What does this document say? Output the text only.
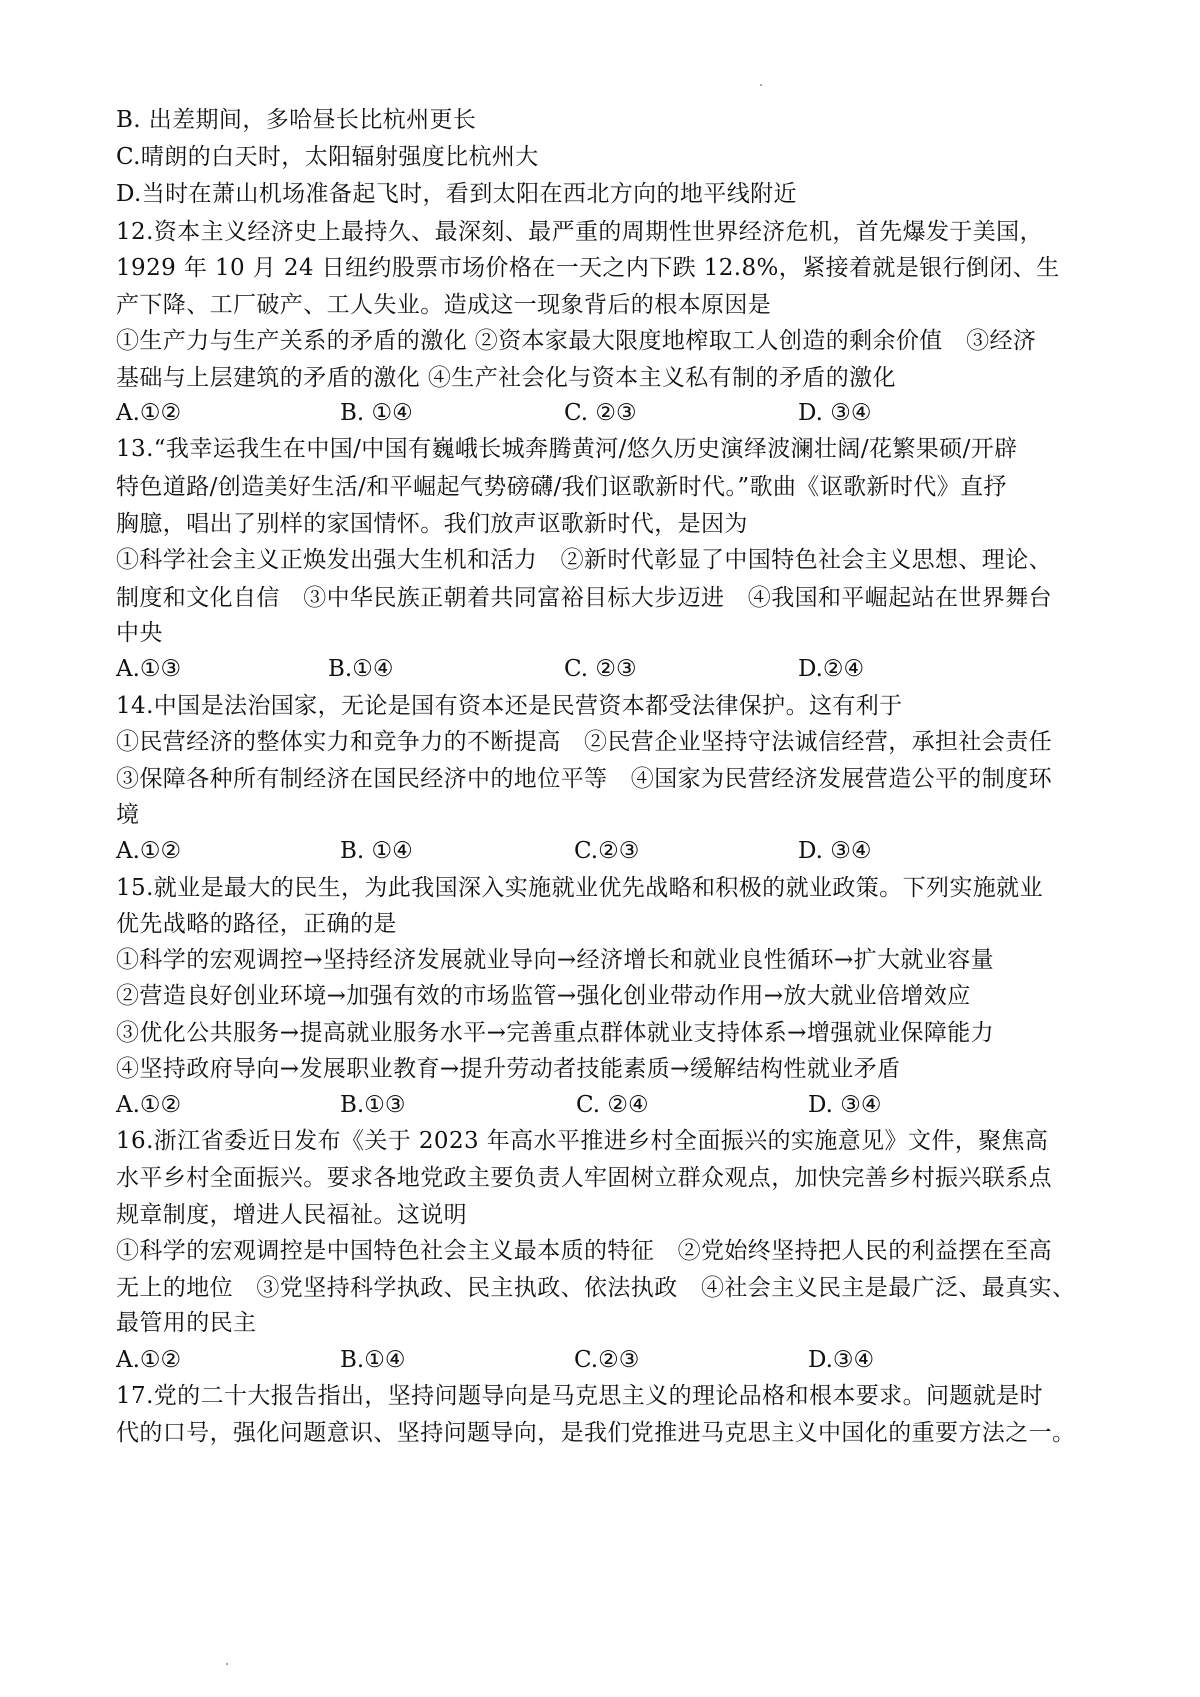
B. 出差期间，多哈昼长比杭州更长
C.晴朗的白天时，太阳辐射强度比杭州大
D.当时在萧山机场准备起飞时，看到太阳在西北方向的地平线附近
12.资本主义经济史上最持久、最深刻、最严重的周期性世界经济危机，首先爆发于美国，
1929 年 10 月 24 日纽约股票市场价格在一天之内下跌 12.8%，紧接着就是银行倒闭、生
产下降、工厂破产、工人失业。造成这一现象背后的根本原因是
①生产力与生产关系的矛盾的激化 ②资本家最大限度地榨取工人创造的剩余价值　③经济
基础与上层建筑的矛盾的激化 ④生产社会化与资本主义私有制的矛盾的激化
A.①②	B. ①④	C. ②③	D. ③④
13.“我幸运我生在中国/中国有巍峨长城奔腾黄河/悠久历史演绎波澜壮阔/花繁果硕/开辟
特色道路/创造美好生活/和平崛起气势磅礴/我们讴歌新时代。”歌曲《讴歌新时代》直抒
胸臆，唱出了别样的家国情怀。我们放声讴歌新时代，是因为
①科学社会主义正焕发出强大生机和活力　②新时代彰显了中国特色社会主义思想、理论、
制度和文化自信　③中华民族正朝着共同富裕目标大步迈进　④我国和平崛起站在世界舞台
中央
A.①③	B.①④	C. ②③	D.②④
14.中国是法治国家，无论是国有资本还是民营资本都受法律保护。这有利于
①民营经济的整体实力和竞争力的不断提高　②民营企业坚持守法诚信经营，承担社会责任
③保障各种所有制经济在国民经济中的地位平等　④国家为民营经济发展营造公平的制度环
境
A.①②	B. ①④	C.②③	D. ③④
15.就业是最大的民生，为此我国深入实施就业优先战略和积极的就业政策。下列实施就业
优先战略的路径，正确的是
①科学的宏观调控→坚持经济发展就业导向→经济增长和就业良性循环→扩大就业容量
②营造良好创业环境→加强有效的市场监管→强化创业带动作用→放大就业倍增效应
③优化公共服务→提高就业服务水平→完善重点群体就业支持体系→增强就业保障能力
④坚持政府导向→发展职业教育→提升劳动者技能素质→缓解结构性就业矛盾
A.①②	B.①③	C. ②④	D. ③④
16.浙江省委近日发布《关于 2023 年高水平推进乡村全面振兴的实施意见》文件，聚焦高
水平乡村全面振兴。要求各地党政主要负责人牢固树立群众观点，加快完善乡村振兴联系点
规章制度，增进人民福祉。这说明
①科学的宏观调控是中国特色社会主义最本质的特征　②党始终坚持把人民的利益摆在至高
无上的地位　③党坚持科学执政、民主执政、依法执政　④社会主义民主是最广泛、最真实、
最管用的民主
A.①②	B.①④	C.②③	D.③④
17.党的二十大报告指出，坚持问题导向是马克思主义的理论品格和根本要求。问题就是时
代的口号，强化问题意识、坚持问题导向，是我们党推进马克思主义中国化的重要方法之一。
